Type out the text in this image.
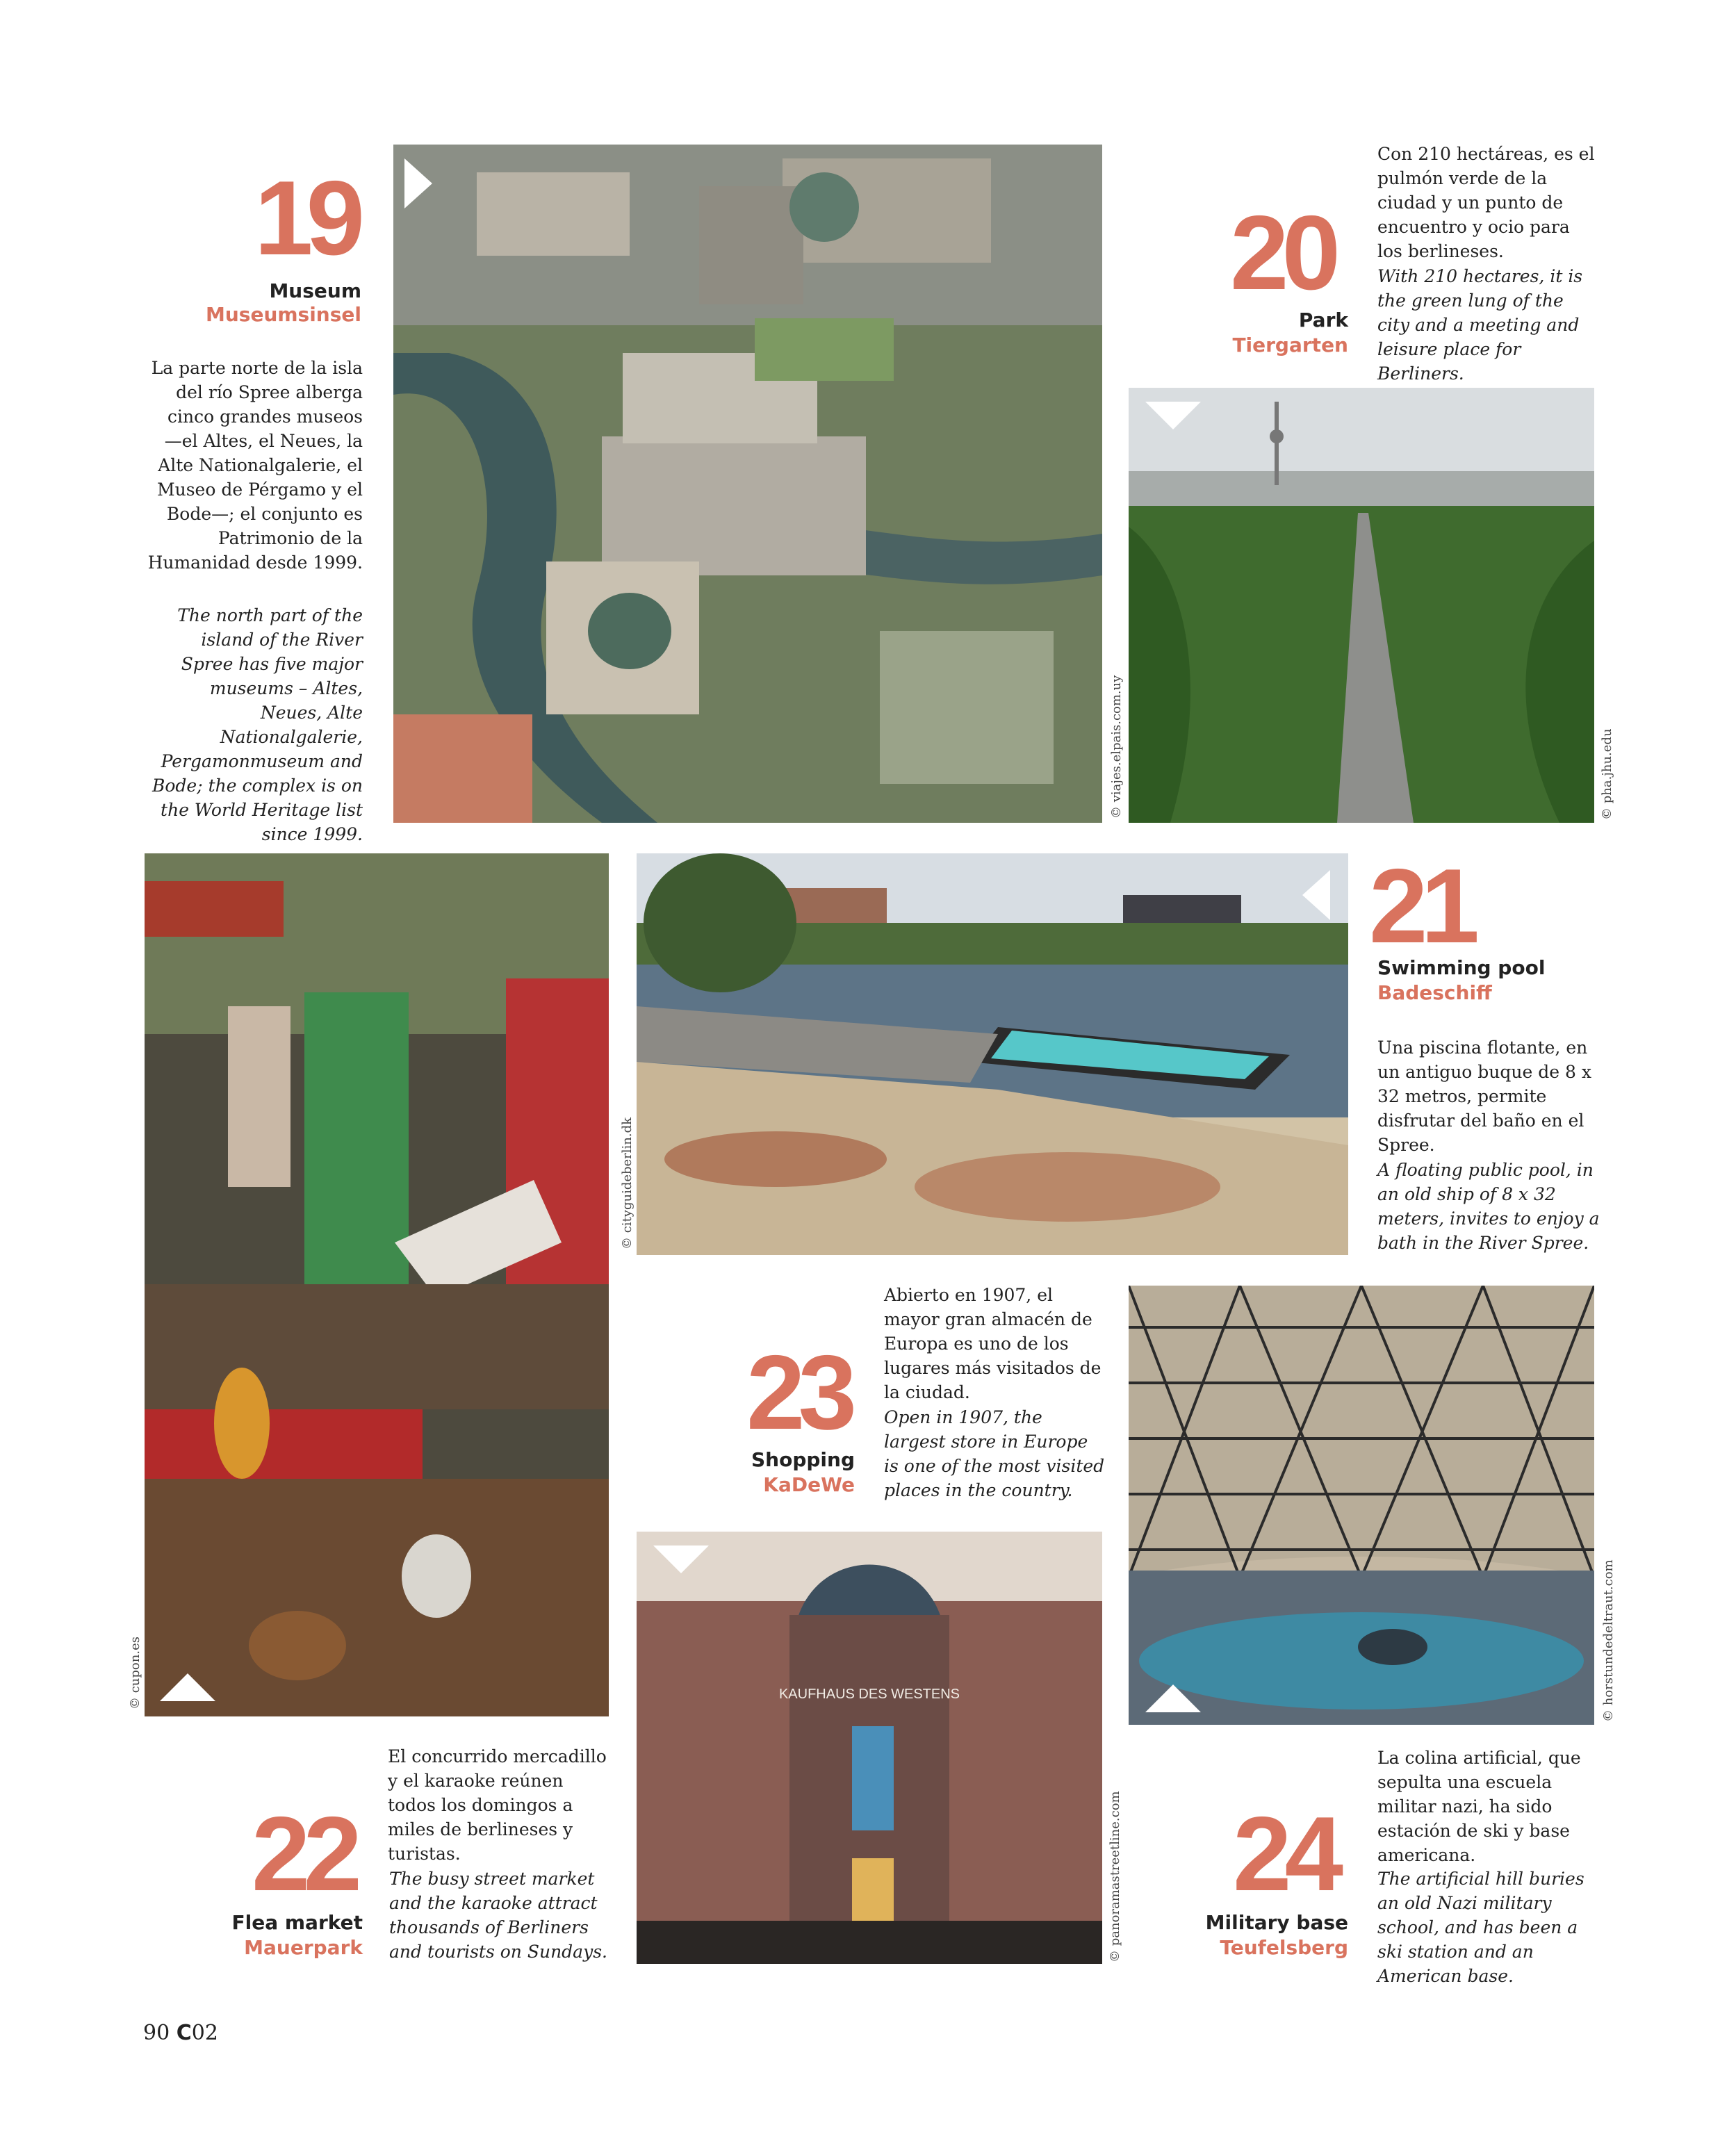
© viajes.elpais.com.uy	© pha.jhu.edu
© cupon.es
© cityguideberlin.dk
KAUFHAUS DES WESTENS
© panoramastreetline.com
© horstundedeltraut.com
19
Museum
Museumsinsel
La parte norte de la isla del río Spree alberga cinco grandes museos —el Altes, el Neues, la Alte Nationalgalerie, el Museo de Pérgamo y el Bode—; el conjunto es Patrimonio de la Humanidad desde 1999.
The north part of the island of the River Spree has five major museums – Altes, Neues, Alte Nationalgalerie, Pergamonmuseum and Bode; the complex is on the World Heritage list since 1999.
Con 210 hectáreas, es el pulmón verde de la ciudad y un punto de encuentro y ocio para los berlineses.
20	With 210 hectares, it is the green lung of the city and a meeting and leisure place for Berliners.
Park
Tiergarten
21
Swimming pool
Badeschiff
Una piscina flotante, en un antiguo buque de 8 x 32 metros, permite disfrutar del baño en el Spree.
A floating public pool, in an old ship of 8 x 32 meters, invites to enjoy a bath in the River Spree.
Abierto en 1907, el mayor gran almacén de Europa es uno de los lugares más visitados de la ciudad.
23 Open in 1907, the largest store in Europe is one of the most visited places in the country.
Shopping
KaDeWe
El concurrido mercadillo y el karaoke reúnen todos los domingos a miles de berlineses y turistas.
22 The busy street market and the karaoke attract thousands of Berliners and tourists on Sundays.
Flea market
Mauerpark
La colina artificial, que sepulta una escuela militar nazi, ha sido estación de ski y base americana.
24 The artificial hill buries an old Nazi military school, and has been a ski station and an American base.
Military base
Teufelsberg
90 C02
